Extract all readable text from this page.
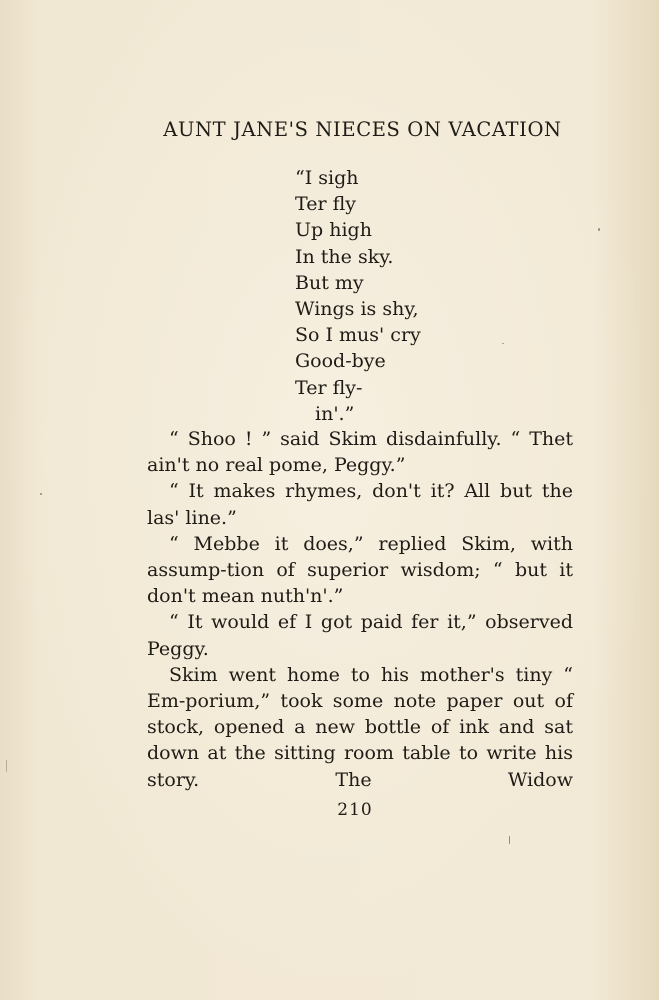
AUNT JANE'S NIECES ON VACATION
“I sigh
Ter fly
Up high
In the sky.
But my
Wings is shy,
So I mus' cry
Good-bye
Ter fly-
in'.”

“ Shoo ! ” said Skim disdainfully. “ Thet ain't no real pome, Peggy.”

“ It makes rhymes, don't it? All but the las' line.”

“ Mebbe it does,” replied Skim, with assump-tion of superior wisdom; “ but it don't mean nuth'n'.”

“ It would ef I got paid fer it,” observed Peggy.

Skim went home to his mother's tiny “ Em-porium,” took some note paper out of stock, opened a new bottle of ink and sat down at the sitting room table to write his story. The Widow

210
